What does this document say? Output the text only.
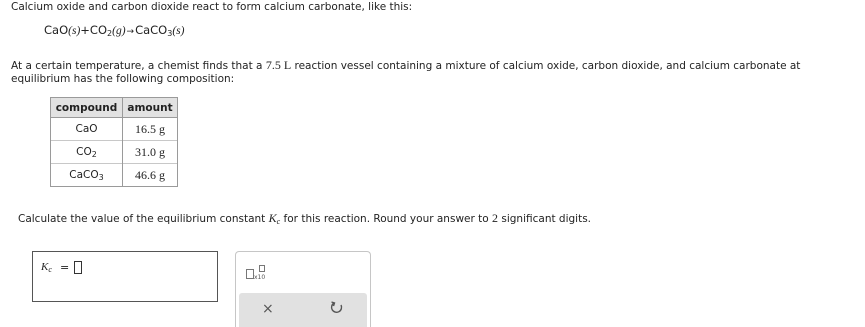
Calcium oxide and carbon dioxide react to form calcium carbonate, like this:
$CaO(s)+CO_2(g)\to CaCO_3(s)$
At a certain temperature, a chemist finds that a 7.5 L reaction vessel containing a mixture of calcium oxide, carbon dioxide, and calcium carbonate at
equilibrium has the following composition:
compound	amount
CaO	16.5 g
$CO_2$	31.0 g
CaCO$_3$	46.6 g
Calculate the value of the equilibrium constant $K_c$ for this reaction. Round your answer to 2 significant digits.
$K_c$ =
x10
×
